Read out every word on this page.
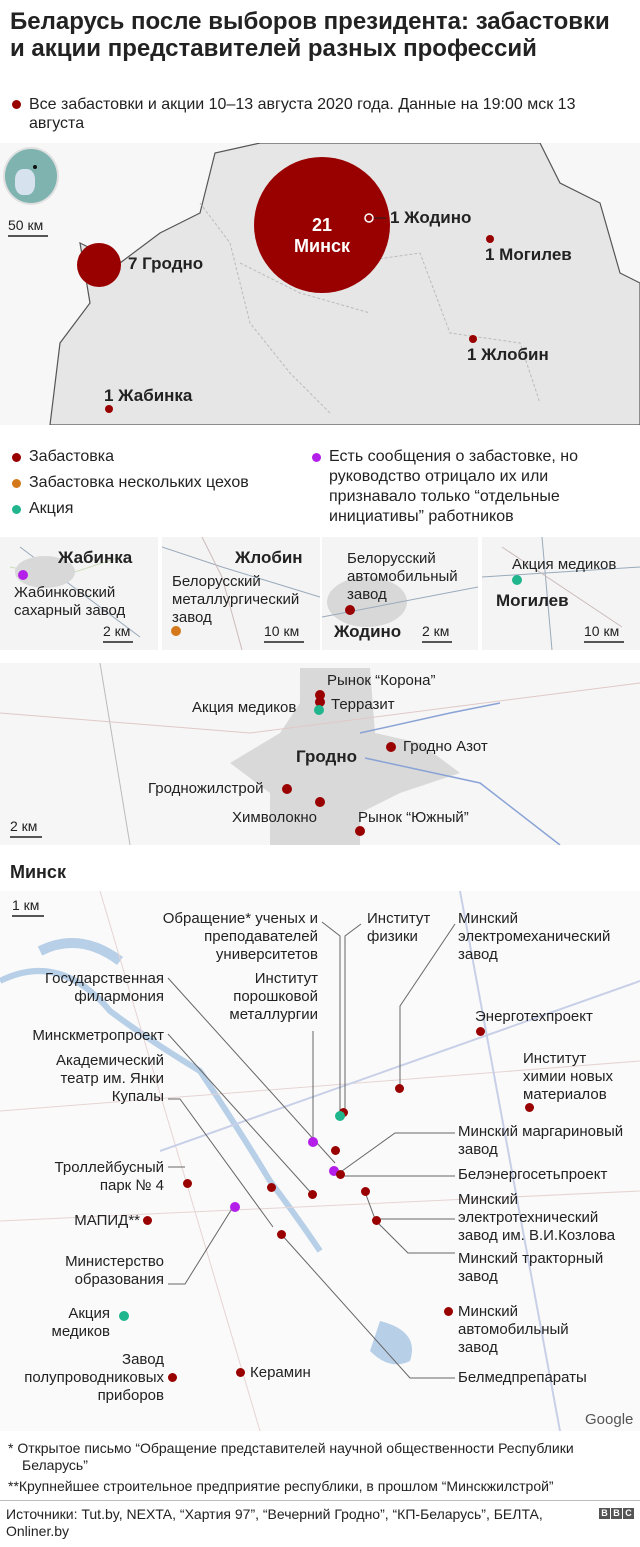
Беларусь после выборов президента: забастовки и акции представителей разных профессий
Все забастовки и акции 10–13 августа 2020 года. Данные на 19:00 мск 13 августа
50 км	21
Минск
7 Гродно
1 Жодино
1 Могилев
1 Жлобин
1 Жабинка
Забастовка
Забастовка нескольких цехов
Акция
Есть сообщения о забастовке, но руководство отрицало их или признавало только “отдельные инициативы” работников
Жабинка
Жабинковский сахарный завод
2 км
Жлобин
Белорусский металлургический завод
10 км
Белорусский автомобильный завод
Жодино 2 км
Акция медиков
Могилев
10 км
Рынок “Корона”
Терразит
Акция медиков
Гродно Азот
Гродножилстрой
Химволокно	Рынок “Южный”
Гродно
2 км
Минск
1 км
Обращение* ученых и преподавателей университетов
Институт физики
Минский электромеханический завод
Государственная филармония
Институт порошковой металлургии	Энерготехпроект
Минскметропроект
Академический театр им. Янки Купалы
Институт химии новых материалов
Минский маргариновый завод
Белэнергосетьпроект
Троллейбусный парк № 4
МАПИД**
Минский электротехнический завод им. В.И.Козлова
Министерство образования
Минский тракторный завод
Акция медиков
Минский автомобильный завод
Завод полупроводниковых приборов
Керамин	Белмедпрепараты
Google
* Открытое письмо “Обращение представителей научной общественности Республики Беларусь”
**Крупнейшее строительное предприятие республики, в прошлом “Минскжилстрой”
Источники: Tut.by, NEXTA, “Хартия 97”, “Вечерний Гродно”, “КП-Беларусь”, БЕЛТА, Onliner.by
B B C
